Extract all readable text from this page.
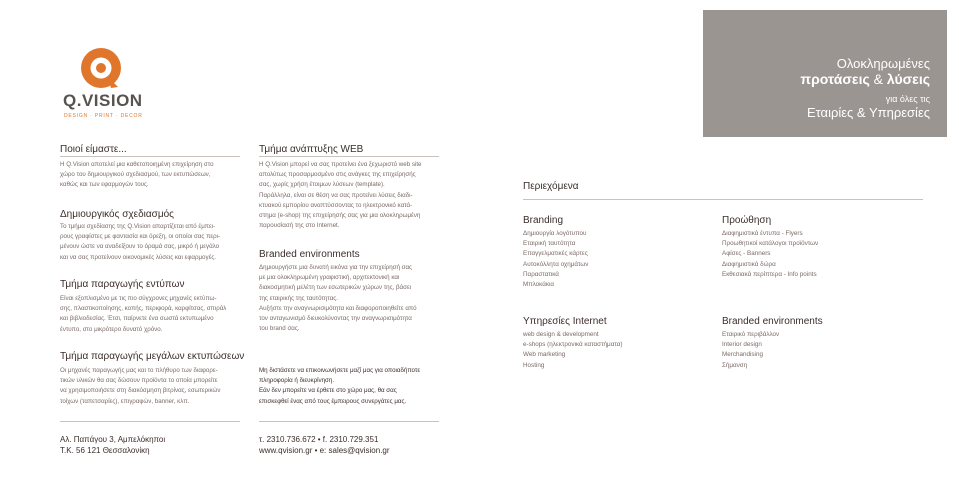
Ολοκληρωμένες
προτάσεις & λύσεις
για όλες τις
Εταιρίες & Υπηρεσίες
Q.VISION
DESIGN · PRINT · DECOR
Ποιοί είμαστε...
Η Q.Vision αποτελεί μια καθετοποιημένη επιχείρηση στο
χώρο του δημιουργικού σχεδιασμού, των εκτυπώσεων,
καθώς και των εφαρμογών τους.
Δημιουργικός σχεδιασμός
Το τμήμα σχεδίασης της Q.Vision απαρτίζεται από έμπει-
ρους γραφίστες με φαντασία και όρεξη, οι οποίοι σας περι-
μένουν ώστε να αναδείξουν το όραμά σας, μικρό ή μεγάλο
και να σας προτείνουν οικονομικές λύσεις και εφαρμογές.
Τμήμα παραγωγής εντύπων
Είναι εξοπλισμένο με τις πιο σύγχρονες μηχανές εκτύπω-
σης, πλαστικοποίησης, κοπής, περιφορά, καρφίτσας, σπιράλ
και βιβλιοδεσίας. Έτσι, παίρνετε ένα σωστά εκτυπωμένο
έντυπο, στο μικρότερο δυνατό χρόνο.
Τμήμα παραγωγής μεγάλων εκτυπώσεων
Οι μηχανές παραγωγής μας και το πλήθυρο των διαφορε-
τικών υλικών θα σας δώσουν προϊόντα το οποία μπορείτε
να χρησιμοποιήσετε στη διακόσμηση βιτρίνας, εσωτερικών
τοίχων (ταπετσαρίες), επιγραφών, banner, κλπ.
Τμήμα ανάπτυξης WEB
Η Q.Vision μπορεί να σας προτείνει ένα ξεχωριστό web site
απολύτως προσαρμοσμένο στις ανάγκες της επιχείρησής
σας, χωρίς χρήση έτοιμων λύσεων (template).
Παράλληλα, είναι σε θέση να σας προτείνει λύσεις διαδι-
κτυακού εμπορίου αναπτύσσοντας το ηλεκτρονικό κατά-
στημα (e-shop) της επιχείρησής σας για μια ολοκληρωμένη
παρουσίασή της στο Internet.
Branded environments
Δημιουργήστε μια δυνατή εικόνα για την επιχείρησή σας
με μια ολοκληρωμένη γραφιστική, αρχιτεκτονική και
διακοσμητική μελέτη των εσωτερικών χώρων της, βάσει
της εταιρικής της ταυτότητας.
Αυξήστε την αναγνωρισιμότητα και διαφοροποιηθείτε από
τον ανταγωνισμό διευκολύνοντας την αναγνωρισιμότητα
του brand σας.
Μη διστάσετε να επικοινωνήσετε μαζί μας για οποιαδήποτε
πληροφορία ή διευκρίνηση.
Εάν δεν μπορείτε να έρθετε στο χώρο μας, θα σας
επισκεφθεί ένας από τους έμπειρους συνεργάτες μας.
Περιεχόμενα
Branding
Δημιουργία λογότυπου
Εταιρική ταυτότητα
Επαγγελματικές κάρτες
Αυτοκόλλητα οχημάτων
Παραστατικά
Μπλοκάκια
Προώθηση
Διαφημιστικά έντυπα - Flyers
Προωθητικοί κατάλογοι προϊόντων
Αφίσες - Banners
Διαφημιστικά δώρα
Εκθεσιακά περίπτερα - Info points
Υπηρεσίες Internet
web design & development
e-shops (ηλεκτρονικά καταστήματα)
Web marketing
Hosting
Branded environments
Εταιρικό περιβάλλον
Interior design
Merchandising
Σήμανση
Αλ. Παπάγου 3, Αμπελόκηποι
Τ.Κ. 56 121 Θεσσαλονίκη
τ. 2310.736.672 • f. 2310.729.351
www.qvision.gr • e: sales@qvision.gr
